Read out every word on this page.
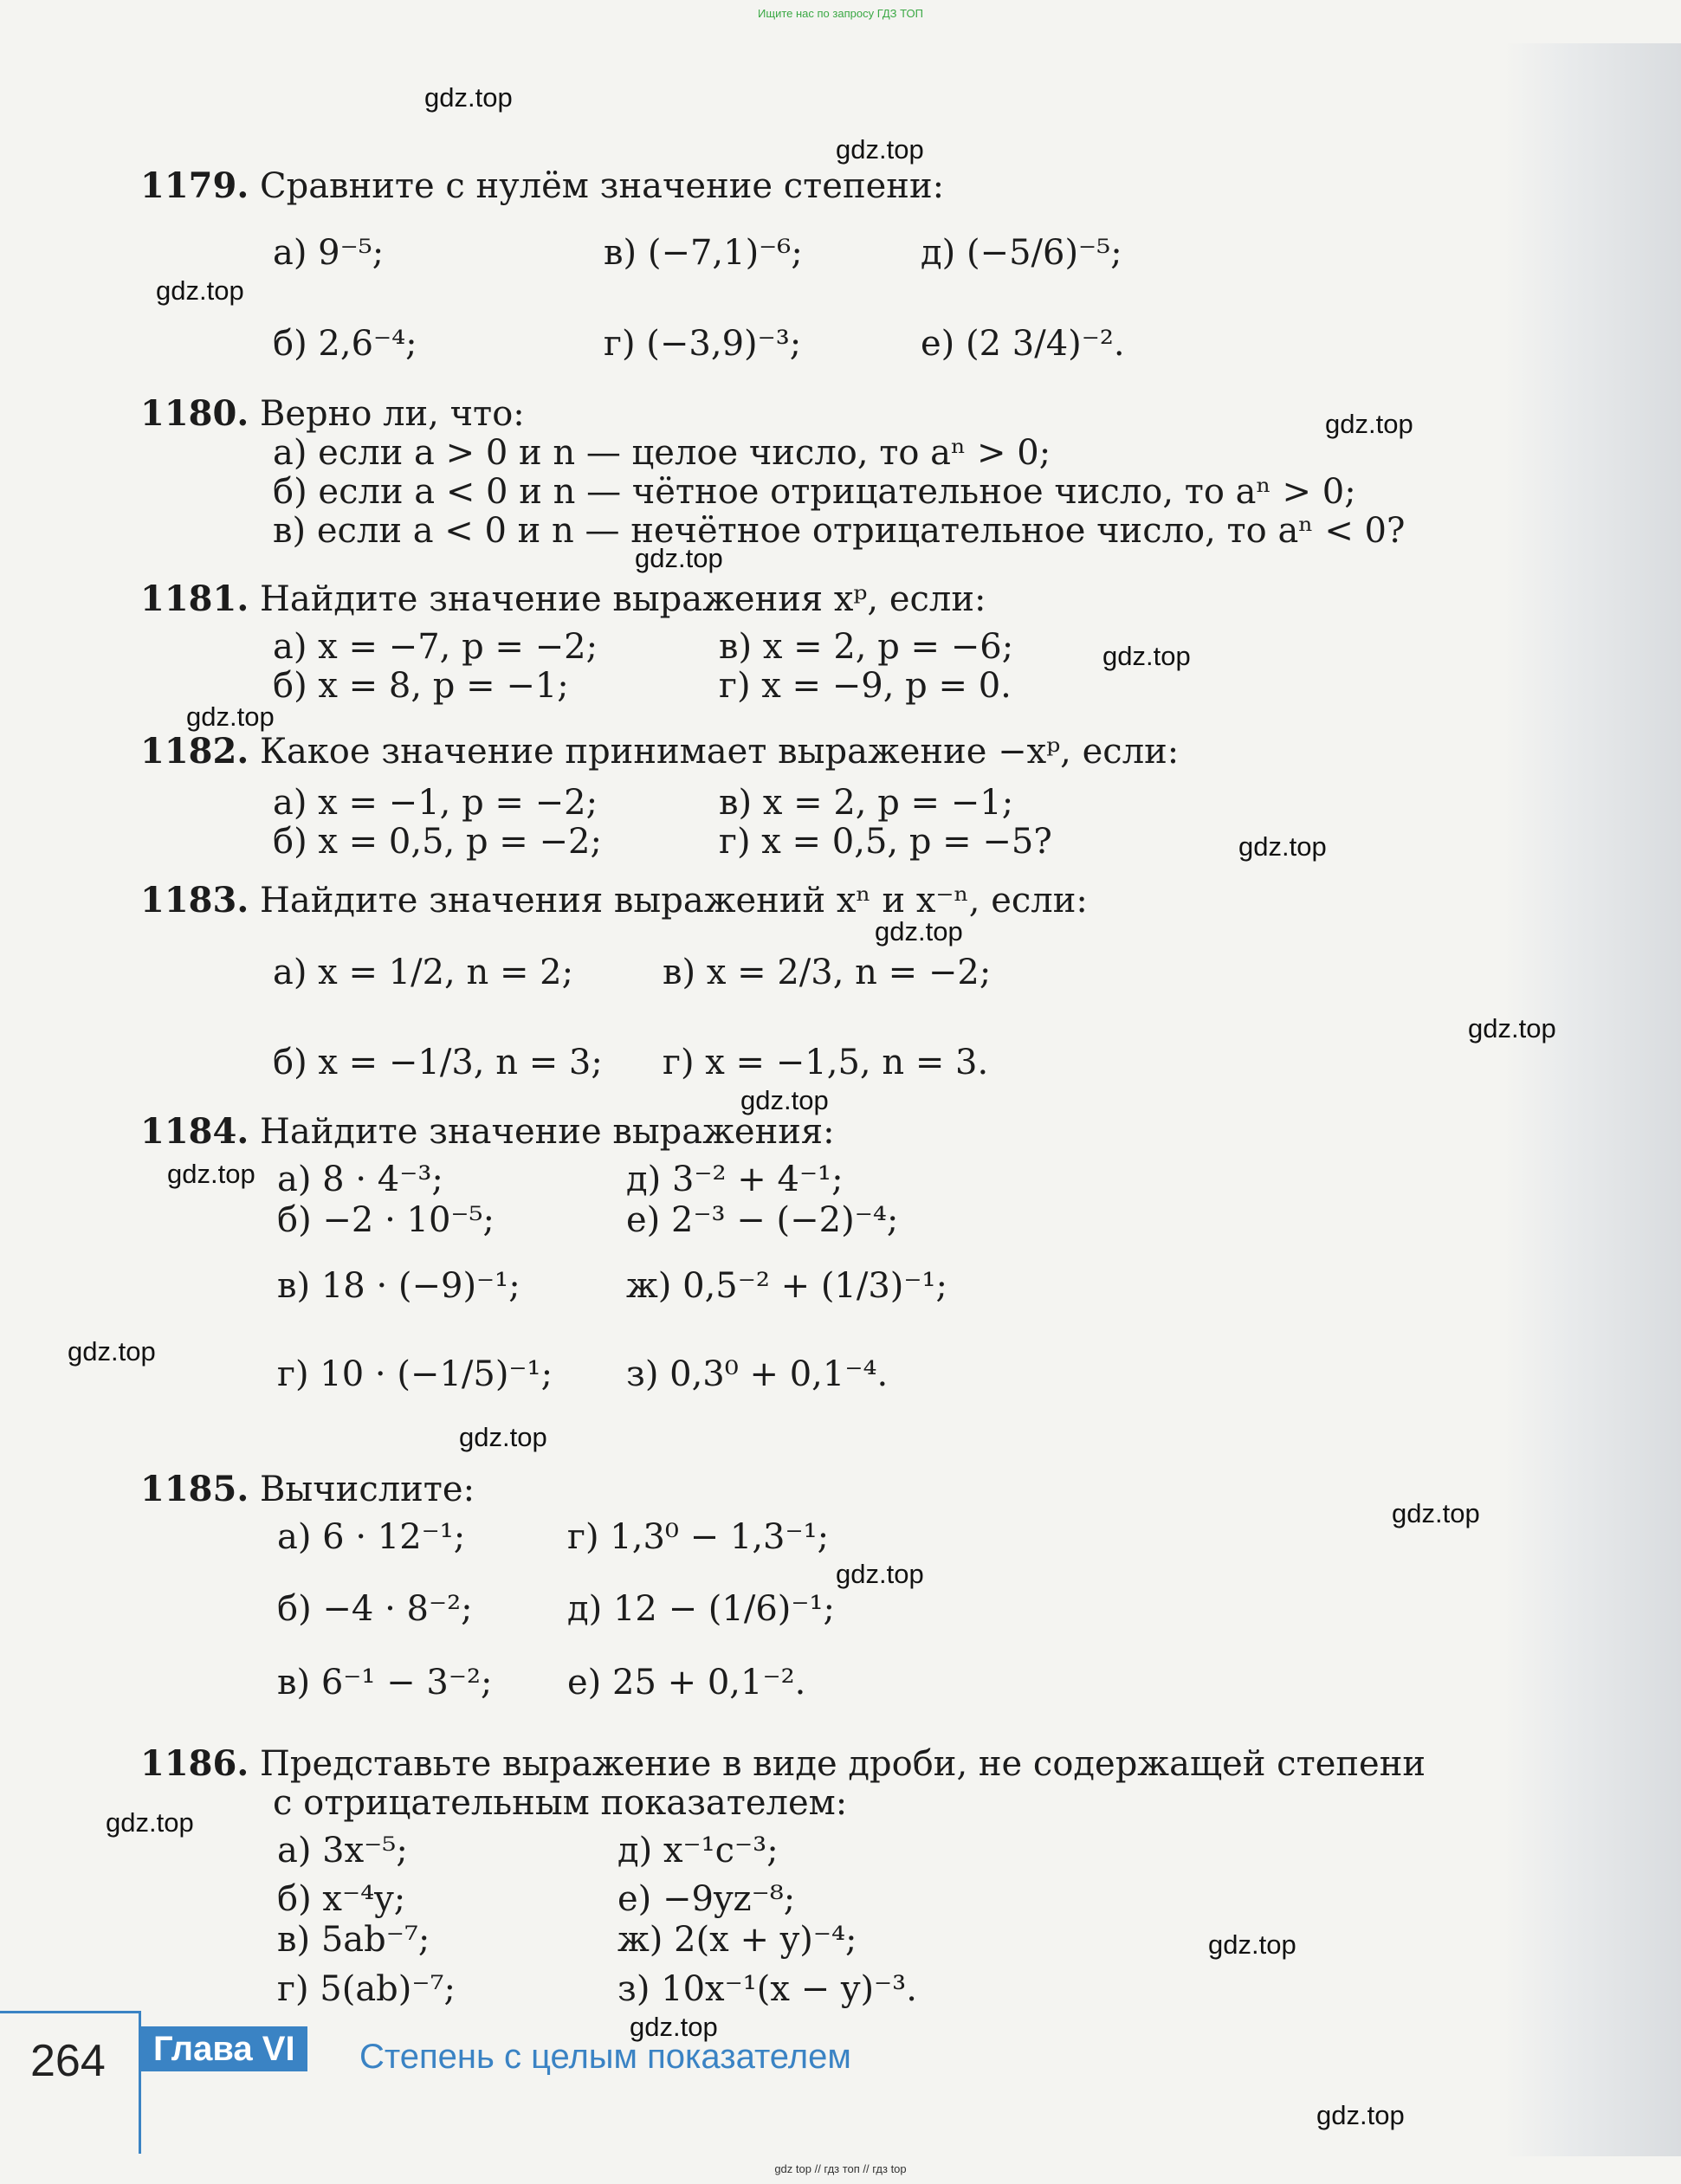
Ищите нас по запросу ГДЗ ТОП
gdz.top
gdz.top
gdz.top
gdz.top
gdz.top
gdz.top
gdz.top
gdz.top
gdz.top
gdz.top
gdz.top
gdz.top
gdz.top
gdz.top
gdz.top
gdz.top
gdz.top
gdz.top
gdz.top
gdz.top
1179. Сравните с нулём значение степени:
а) 9⁻⁵;	в) (−7,1)⁻⁶;	д) (−5/6)⁻⁵;
б) 2,6⁻⁴;	г) (−3,9)⁻³;	е) (2 3/4)⁻².
1180. Верно ли, что:
а) если a > 0 и n — целое число, то aⁿ > 0;
б) если a < 0 и n — чётное отрицательное число, то aⁿ > 0;
в) если a < 0 и n — нечётное отрицательное число, то aⁿ < 0?
1181. Найдите значение выражения xᵖ, если:
а) x = −7, p = −2;	в) x = 2, p = −6;
б) x = 8, p = −1;	г) x = −9, p = 0.
1182. Какое значение принимает выражение −xᵖ, если:
а) x = −1, p = −2;	в) x = 2, p = −1;
б) x = 0,5, p = −2;	г) x = 0,5, p = −5?
1183. Найдите значения выражений xⁿ и x⁻ⁿ, если:
а) x = 1/2, n = 2;	в) x = 2/3, n = −2;
б) x = −1/3, n = 3; г) x = −1,5, n = 3.
1184. Найдите значение выражения:
а) 8 · 4⁻³;	д) 3⁻² + 4⁻¹;
б) −2 · 10⁻⁵;	е) 2⁻³ − (−2)⁻⁴;
в) 18 · (−9)⁻¹;	ж) 0,5⁻² + (1/3)⁻¹;
г) 10 · (−1/5)⁻¹; з) 0,3⁰ + 0,1⁻⁴.
1185. Вычислите:
а) 6 · 12⁻¹;	г) 1,3⁰ − 1,3⁻¹;
б) −4 · 8⁻²;	д) 12 − (1/6)⁻¹;
в) 6⁻¹ − 3⁻²; е) 25 + 0,1⁻².
1186. Представьте выражение в виде дроби, не содержащей степени
с отрицательным показателем:
а) 3x⁻⁵;	д) x⁻¹c⁻³;
б) x⁻⁴y;	е) −9yz⁻⁸;
в) 5ab⁻⁷;	ж) 2(x + y)⁻⁴;
г) 5(ab)⁻⁷;	з) 10x⁻¹(x − y)⁻³.
264	Глава VI	Степень с целым показателем
gdz top // гдз топ // гдз top
